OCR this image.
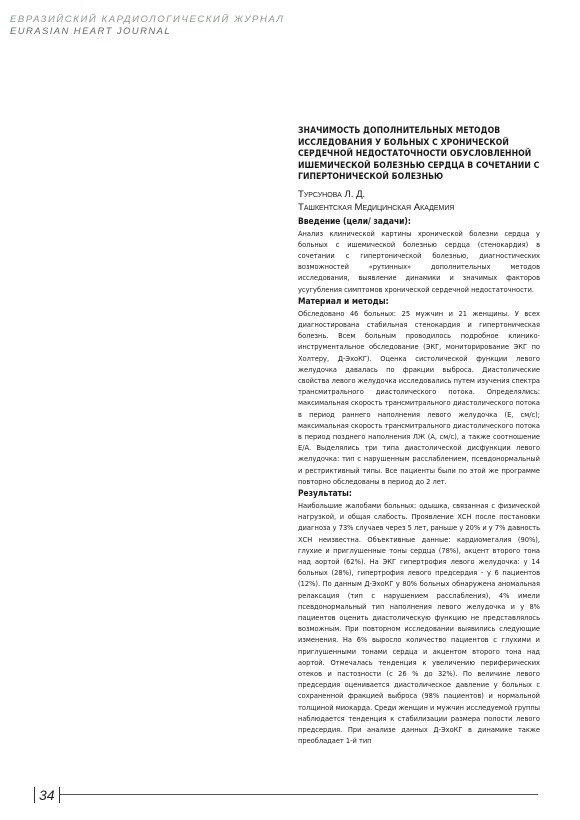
ЕВРАЗИЙСКИЙ КАРДИОЛОГИЧЕСКИЙ ЖУРНАЛ
EURASIAN HEART JOURNAL

ЗНАЧИМОСТЬ ДОПОЛНИТЕЛЬНЫХ МЕТОДОВ ИССЛЕДОВАНИЯ У БОЛЬНЫХ С ХРОНИЧЕСКОЙ СЕРДЕЧНОЙ НЕДОСТАТОЧНОСТИ ОБУСЛОВЛЕННОЙ ИШЕМИЧЕСКОЙ БОЛЕЗНЬЮ СЕРДЦА В СОЧЕТАНИИ С ГИПЕРТОНИЧЕСКОЙ БОЛЕЗНЬЮ

Турсунова Л. Д.

Ташкентская Медицинская Академия

Введение (цели/ задачи):

Анализ клинической картины хронической болезни сердца у больных с ишемической болезнью сердца (стенокардия) в сочетании с гипертонической болезнью, диагностических возможностей «рутинных» дополнительных методов исследования, выявление динамики и значимых факторов усугубления симптомов хронической сердечной недостаточности.

Материал и методы:

Обследовано 46 больных: 25 мужчин и 21 женщины. У всех диагностирована стабильная стенокардия и гипертоническая болезнь. Всем больным проводилось подробное клинико-инструментальное обследование (ЭКГ, мониторирование ЭКГ по Холтеру, Д-ЭхоКГ). Оценка систолической функции левого желудочка давалась по фракции выброса. Диастолические свойства левого желудочка исследовались путем изучения спектра трансмитрального диастолического потока. Определялись: максимальная скорость трансмитрального диастолического потока в период раннего наполнения левого желудочка (Е, см/с); максимальная скорость трансмитрального диастолического потока в период позднего наполнения ЛЖ (А, см/с), а также соотношение Е/А. Выделялись три типа диастолической дисфункции левого желудочка: тип с нарушенным расслаблением, псевдонормальный и рестриктивный типы. Все пациенты были по этой же программе повторно обследованы в период до 2 лет.

Результаты:

Наибольшие жалобами больных: одышка, связанная с физической нагрузкой, и общая слабость. Проявление ХСН после постановки диагноза у 73% случаев через 5 лет, раньше у 20% и у 7% давность ХСН неизвестна. Объективные данные: кардиомегалия (90%), глухие и приглушенные тоны сердца (78%), акцент второго тона над аортой (62%). На ЭКГ гипертрофия левого желудочка: у 14 больных (28%), гипертрофия левого предсердия - у 6 пациентов (12%). По данным Д-ЭхоКГ у 80% больных обнаружена аномальная релаксация (тип с нарушением расслабления), 4% имели псевдонормальный тип наполнения левого желудочка и у 8% пациентов оценить диастолическую функцию не представлялось возможным. При повторном исследовании выявились следующие изменения. На 6% выросло количество пациентов с глухими и приглушенными тонами сердца и акцентом второго тона над аортой. Отмечалась тенденция к увеличению периферических отеков и пастозности (с 26 % до 32%). По величине левого предсердия оценивается диастолическое давление у больных с сохраненной фракцией выброса (98% пациентов) и нормальной толщиной миокарда. Среди женщин и мужчин исследуемой группы наблюдается тенденция к стабилизации размера полости левого предсердия. При анализе данных Д-ЭхоКГ в динамике также преобладает 1-й тип

34
